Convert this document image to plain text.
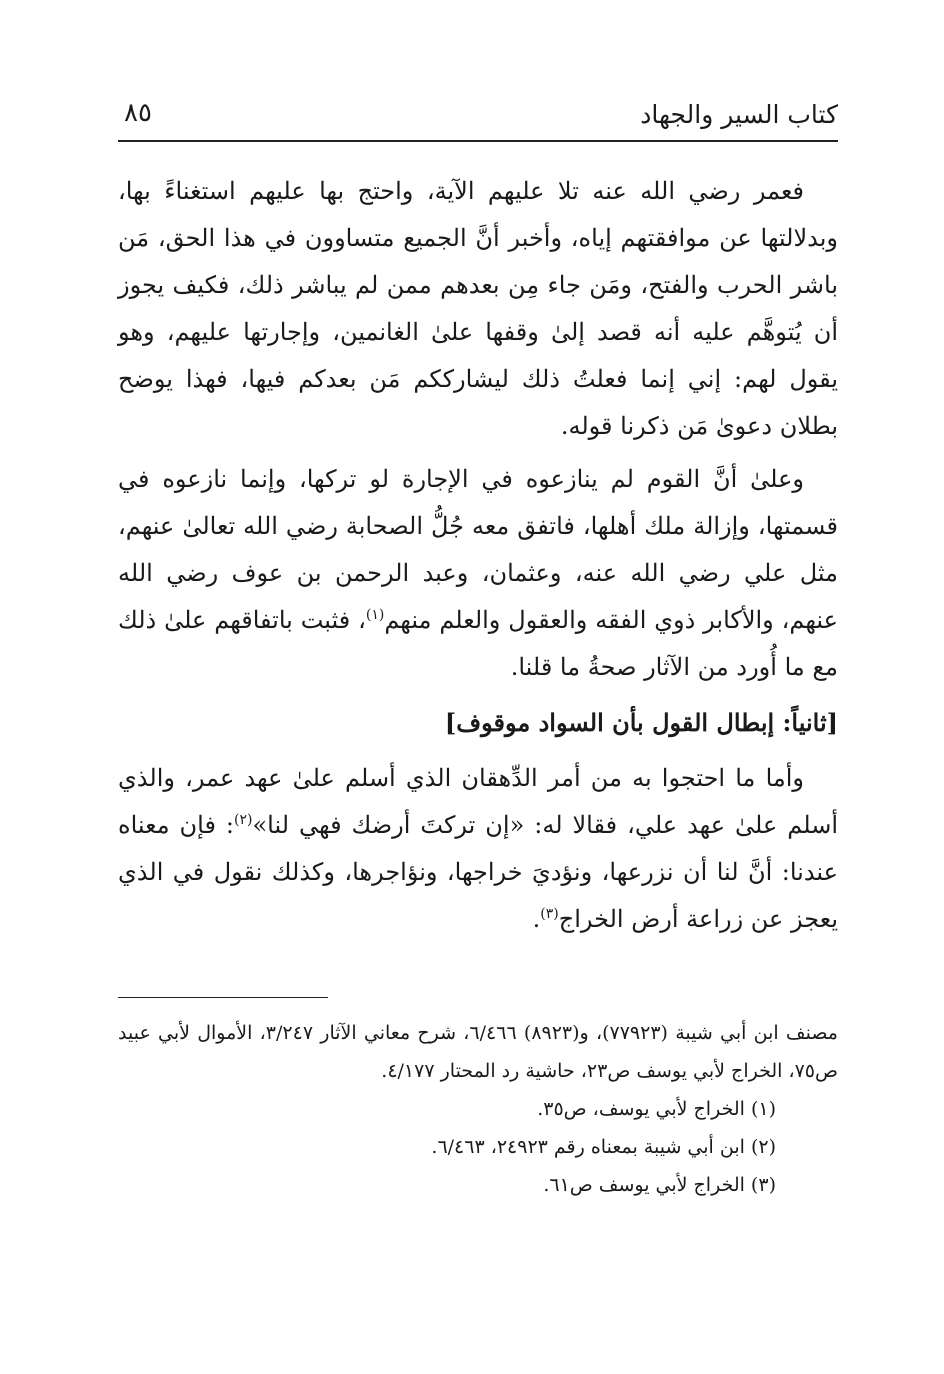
كتاب السير والجهاد
٨٥

فعمر رضي الله عنه تلا عليهم الآية، واحتج بها عليهم استغناءً بها، وبدلالتها عن موافقتهم إياه، وأخبر أنَّ الجميع متساوون في هذا الحق، مَن باشر الحرب والفتح، ومَن جاء مِن بعدهم ممن لم يباشر ذلك، فكيف يجوز أن يُتوهَّم عليه أنه قصد إلىٰ وقفها علىٰ الغانمين، وإجارتها عليهم، وهو يقول لهم: إني إنما فعلتُ ذلك ليشارككم مَن بعدكم فيها، فهذا يوضح بطلان دعوىٰ مَن ذكرنا قوله.

وعلىٰ أنَّ القوم لم ينازعوه في الإجارة لو تركها، وإنما نازعوه في قسمتها، وإزالة ملك أهلها، فاتفق معه جُلُّ الصحابة رضي الله تعالىٰ عنهم، مثل علي رضي الله عنه، وعثمان، وعبد الرحمن بن عوف رضي الله عنهم، والأكابر ذوي الفقه والعقول والعلم منهم$^{(١)}$، فثبت باتفاقهم علىٰ ذلك مع ما أُورد من الآثار صحةُ ما قلنا.

[ثانياً: إبطال القول بأن السواد موقوف]

وأما ما احتجوا به من أمر الدِّهقان الذي أسلم علىٰ عهد عمر، والذي أسلم علىٰ عهد علي، فقالا له: «إن تركتَ أرضك فهي لنا»$^{(٢)}$: فإن معناه عندنا: أنَّ لنا أن نزرعها، ونؤديَ خراجها، ونؤاجرها، وكذلك نقول في الذي يعجز عن زراعة أرض الخراج$^{(٣)}$.

مصنف ابن أبي شيبة (٧٧٩٢٣)، و(٨٩٢٣) ٦/٤٦٦، شرح معاني الآثار ٣/٢٤٧، الأموال لأبي عبيد ص٧٥، الخراج لأبي يوسف ص٢٣، حاشية رد المحتار ٤/١٧٧.

(١) الخراج لأبي يوسف، ص٣٥.

(٢) ابن أبي شيبة بمعناه رقم ٢٤٩٢٣، ٦/٤٦٣.

(٣) الخراج لأبي يوسف ص٦١.
